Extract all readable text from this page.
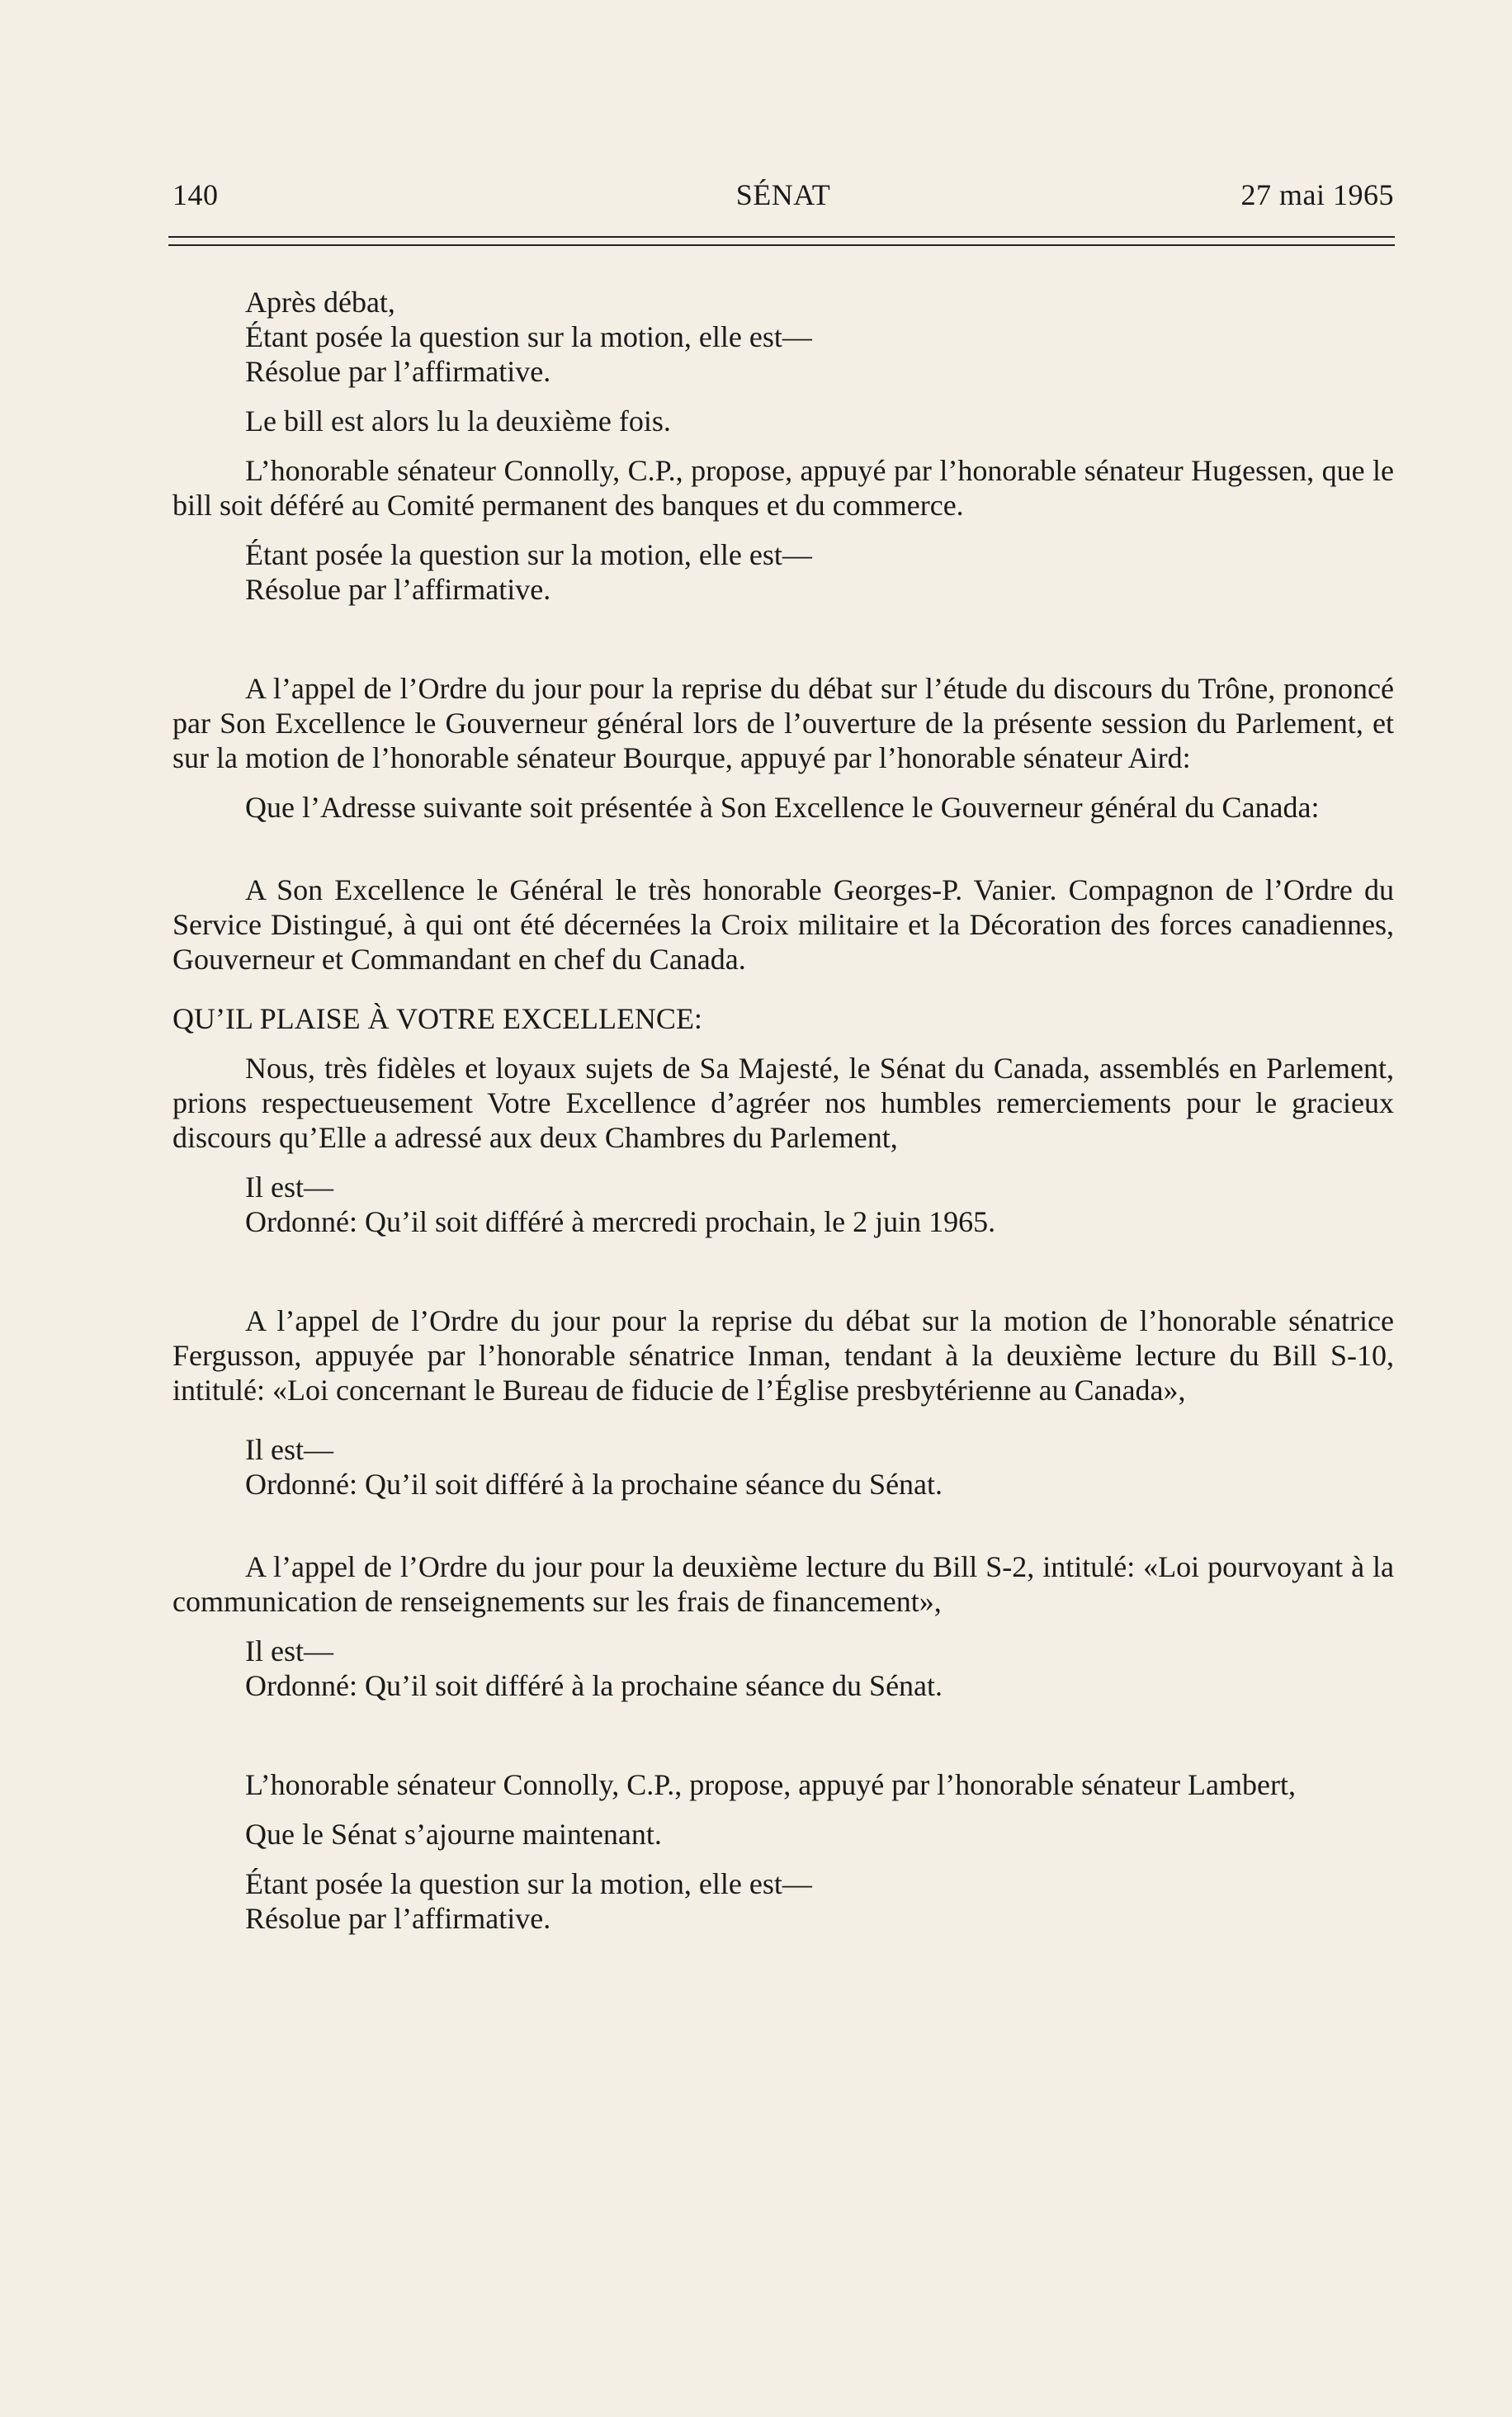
140	SÉNAT	27 mai 1965

Après débat,

Étant posée la question sur la motion, elle est—

Résolue par l’affirmative.

Le bill est alors lu la deuxième fois.

L’honorable sénateur Connolly, C.P., propose, appuyé par l’honorable sénateur Hugessen, que le bill soit déféré au Comité permanent des banques et du commerce.

Étant posée la question sur la motion, elle est—

Résolue par l’affirmative.

A l’appel de l’Ordre du jour pour la reprise du débat sur l’étude du discours du Trône, prononcé par Son Excellence le Gouverneur général lors de l’ouverture de la présente session du Parlement, et sur la motion de l’honorable sénateur Bourque, appuyé par l’honorable sénateur Aird:

Que l’Adresse suivante soit présentée à Son Excellence le Gouverneur général du Canada:

A Son Excellence le Général le très honorable Georges-P. Vanier. Compagnon de l’Ordre du Service Distingué, à qui ont été décernées la Croix militaire et la Décoration des forces canadiennes, Gouverneur et Commandant en chef du Canada.

QU’IL PLAISE À VOTRE EXCELLENCE:

Nous, très fidèles et loyaux sujets de Sa Majesté, le Sénat du Canada, assemblés en Parlement, prions respectueusement Votre Excellence d’agréer nos humbles remerciements pour le gracieux discours qu’Elle a adressé aux deux Chambres du Parlement,

Il est—

Ordonné: Qu’il soit différé à mercredi prochain, le 2 juin 1965.

A l’appel de l’Ordre du jour pour la reprise du débat sur la motion de l’honorable sénatrice Fergusson, appuyée par l’honorable sénatrice Inman, tendant à la deuxième lecture du Bill S-10, intitulé: «Loi concernant le Bureau de fiducie de l’Église presbytérienne au Canada»,

Il est—

Ordonné: Qu’il soit différé à la prochaine séance du Sénat.

A l’appel de l’Ordre du jour pour la deuxième lecture du Bill S-2, intitulé: «Loi pourvoyant à la communication de renseignements sur les frais de financement»,

Il est—

Ordonné: Qu’il soit différé à la prochaine séance du Sénat.

L’honorable sénateur Connolly, C.P., propose, appuyé par l’honorable sénateur Lambert,

Que le Sénat s’ajourne maintenant.

Étant posée la question sur la motion, elle est—

Résolue par l’affirmative.
